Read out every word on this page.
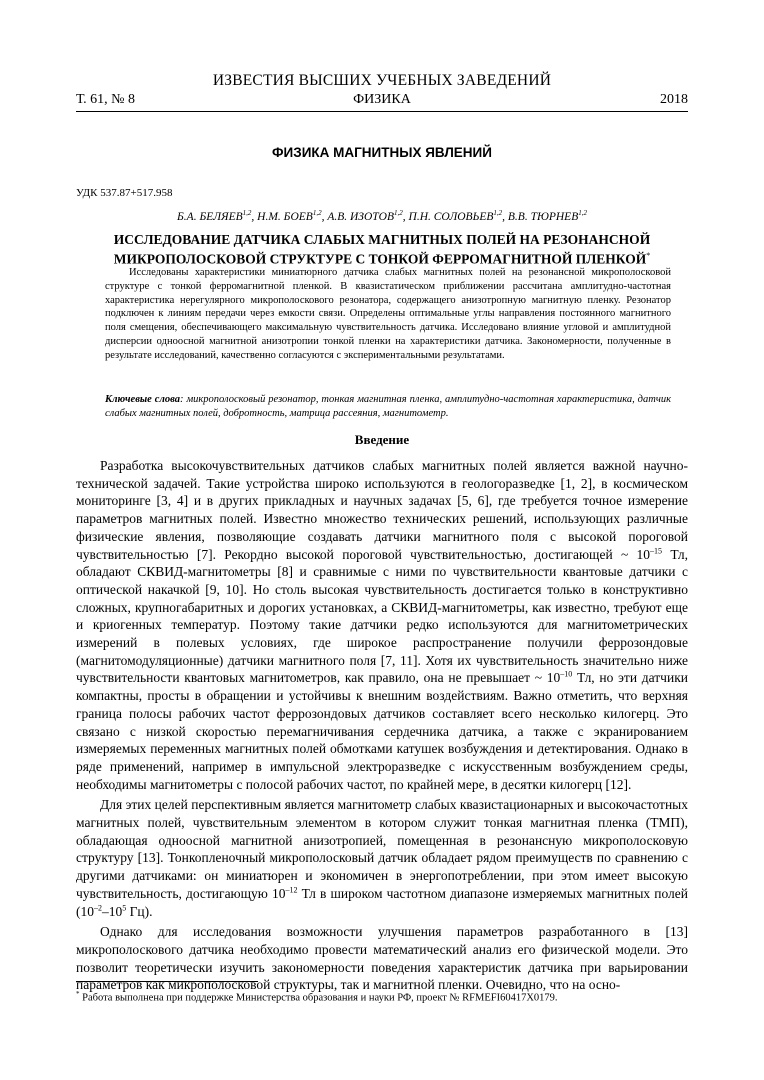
ИЗВЕСТИЯ ВЫСШИХ УЧЕБНЫХ ЗАВЕДЕНИЙ
Т. 61, № 8	ФИЗИКА	2018
ФИЗИКА МАГНИТНЫХ ЯВЛЕНИЙ
УДК 537.87+517.958
Б.А. БЕЛЯЕВ$^{1,2}$, Н.М. БОЕВ$^{1,2}$, А.В. ИЗОТОВ$^{1,2}$, П.Н. СОЛОВЬЕВ$^{1,2}$, В.В. ТЮРНЕВ$^{1,2}$
ИССЛЕДОВАНИЕ ДАТЧИКА СЛАБЫХ МАГНИТНЫХ ПОЛЕЙ НА РЕЗОНАНСНОЙ
МИКРОПОЛОСКОВОЙ СТРУКТУРЕ С ТОНКОЙ ФЕРРОМАГНИТНОЙ ПЛЕНКОЙ*
Исследованы характеристики миниатюрного датчика слабых магнитных полей на резонансной микрополосковой структуре с тонкой ферромагнитной пленкой. В квазистатическом приближении рассчитана амплитудно-частотная характеристика нерегулярного микрополоскового резонатора, содержащего анизотропную магнитную пленку. Резонатор подключен к линиям передачи через емкости связи. Определены оптимальные углы направления постоянного магнитного поля смещения, обеспечивающего максимальную чувствительность датчика. Исследовано влияние угловой и амплитудной дисперсии одноосной магнитной анизотропии тонкой пленки на характеристики датчика. Закономерности, полученные в результате исследований, качественно согласуются с экспериментальными результатами.
Ключевые слова: микрополосковый резонатор, тонкая магнитная пленка, амплитудно-частотная характеристика, датчик слабых магнитных полей, добротность, матрица рассеяния, магнитометр.
Введение

Разработка высокочувствительных датчиков слабых магнитных полей является важной научно-технической задачей. Такие устройства широко используются в геологоразведке [1, 2], в космическом мониторинге [3, 4] и в других прикладных и научных задачах [5, 6], где требуется точное измерение параметров магнитных полей. Известно множество технических решений, использующих различные физические явления, позволяющие создавать датчики магнитного поля с высокой пороговой чувствительностью [7]. Рекордно высокой пороговой чувствительностью, достигающей ~ $10^{-15}$ Тл, обладают СКВИД-магнитометры [8] и сравнимые с ними по чувствительности квантовые датчики с оптической накачкой [9, 10]. Но столь высокая чувствительность достигается только в конструктивно сложных, крупногабаритных и дорогих установках, а СКВИД-магнитометры, как известно, требуют еще и криогенных температур. Поэтому такие датчики редко используются для магнитометрических измерений в полевых условиях, где широкое распространение получили феррозондовые (магнитомодуляционные) датчики магнитного поля [7, 11]. Хотя их чувствительность значительно ниже чувствительности квантовых магнитометров, как правило, она не превышает ~ $10^{-10}$ Тл, но эти датчики компактны, просты в обращении и устойчивы к внешним воздействиям. Важно отметить, что верхняя граница полосы рабочих частот феррозондовых датчиков составляет всего несколько килогерц. Это связано с низкой скоростью перемагничивания сердечника датчика, а также с экранированием измеряемых переменных магнитных полей обмотками катушек возбуждения и детектирования. Однако в ряде применений, например в импульсной электроразведке с искусственным возбуждением среды, необходимы магнитометры с полосой рабочих частот, по крайней мере, в десятки килогерц [12].

Для этих целей перспективным является магнитометр слабых квазистационарных и высокочастотных магнитных полей, чувствительным элементом в котором служит тонкая магнитная пленка (ТМП), обладающая одноосной магнитной анизотропией, помещенная в резонансную микрополосковую структуру [13]. Тонкопленочный микрополосковый датчик обладает рядом преимуществ по сравнению с другими датчиками: он миниатюрен и экономичен в энергопотреблении, при этом имеет высокую чувствительность, достигающую $10^{-12}$ Тл в широком частотном диапазоне измеряемых магнитных полей ($10^{-2}-10^5$ Гц).

Однако для исследования возможности улучшения параметров разработанного в [13] микрополоскового датчика необходимо провести математический анализ его физической модели. Это позволит теоретически изучить закономерности поведения характеристик датчика при варьировании параметров как микрополосковой структуры, так и магнитной пленки. Очевидно, что на осно-

* Работа выполнена при поддержке Министерства образования и науки РФ, проект № RFMEFI60417X0179.
